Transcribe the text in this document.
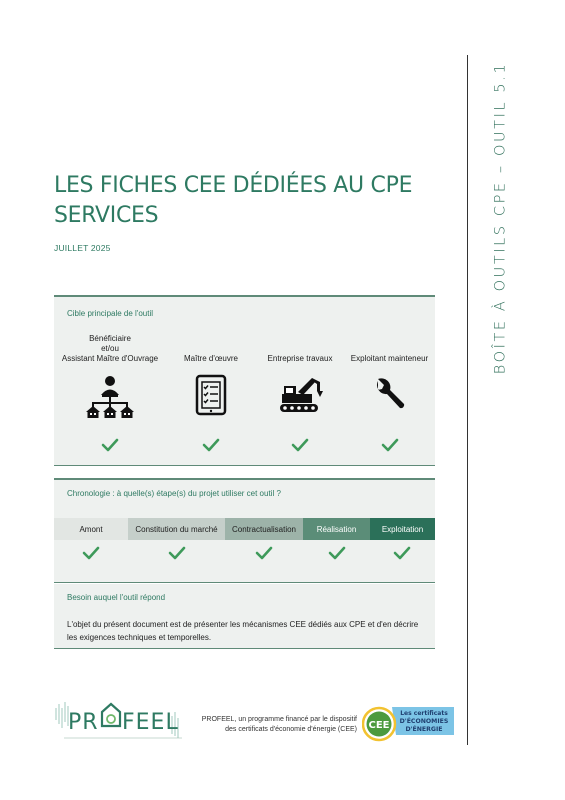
BOÎTE À OUTILS CPE – OUTIL 5.1
LES FICHES CEE DÉDIÉES AU CPE SERVICES
JUILLET 2025
Cible principale de l'outil
Bénéficiaire
et/ou
Assistant Maître d'Ouvrage	Maître d'œuvre	Entreprise travaux	Exploitant mainteneur
Chronologie : à quelle(s) étape(s) du projet utiliser cet outil ?
Amont	Constitution du marché	Contractualisation	Réalisation	Exploitation
Besoin auquel l'outil répond
L'objet du présent document est de présenter les mécanismes CEE dédiés aux CPE et d'en décrire les exigences techniques et temporelles.
PR FEEL	PROFEEL, un programme financé par le dispositif des certificats d'économie d'énergie (CEE) CEE
Les certificats
D'ÉCONOMIES
D'ÉNERGIE
